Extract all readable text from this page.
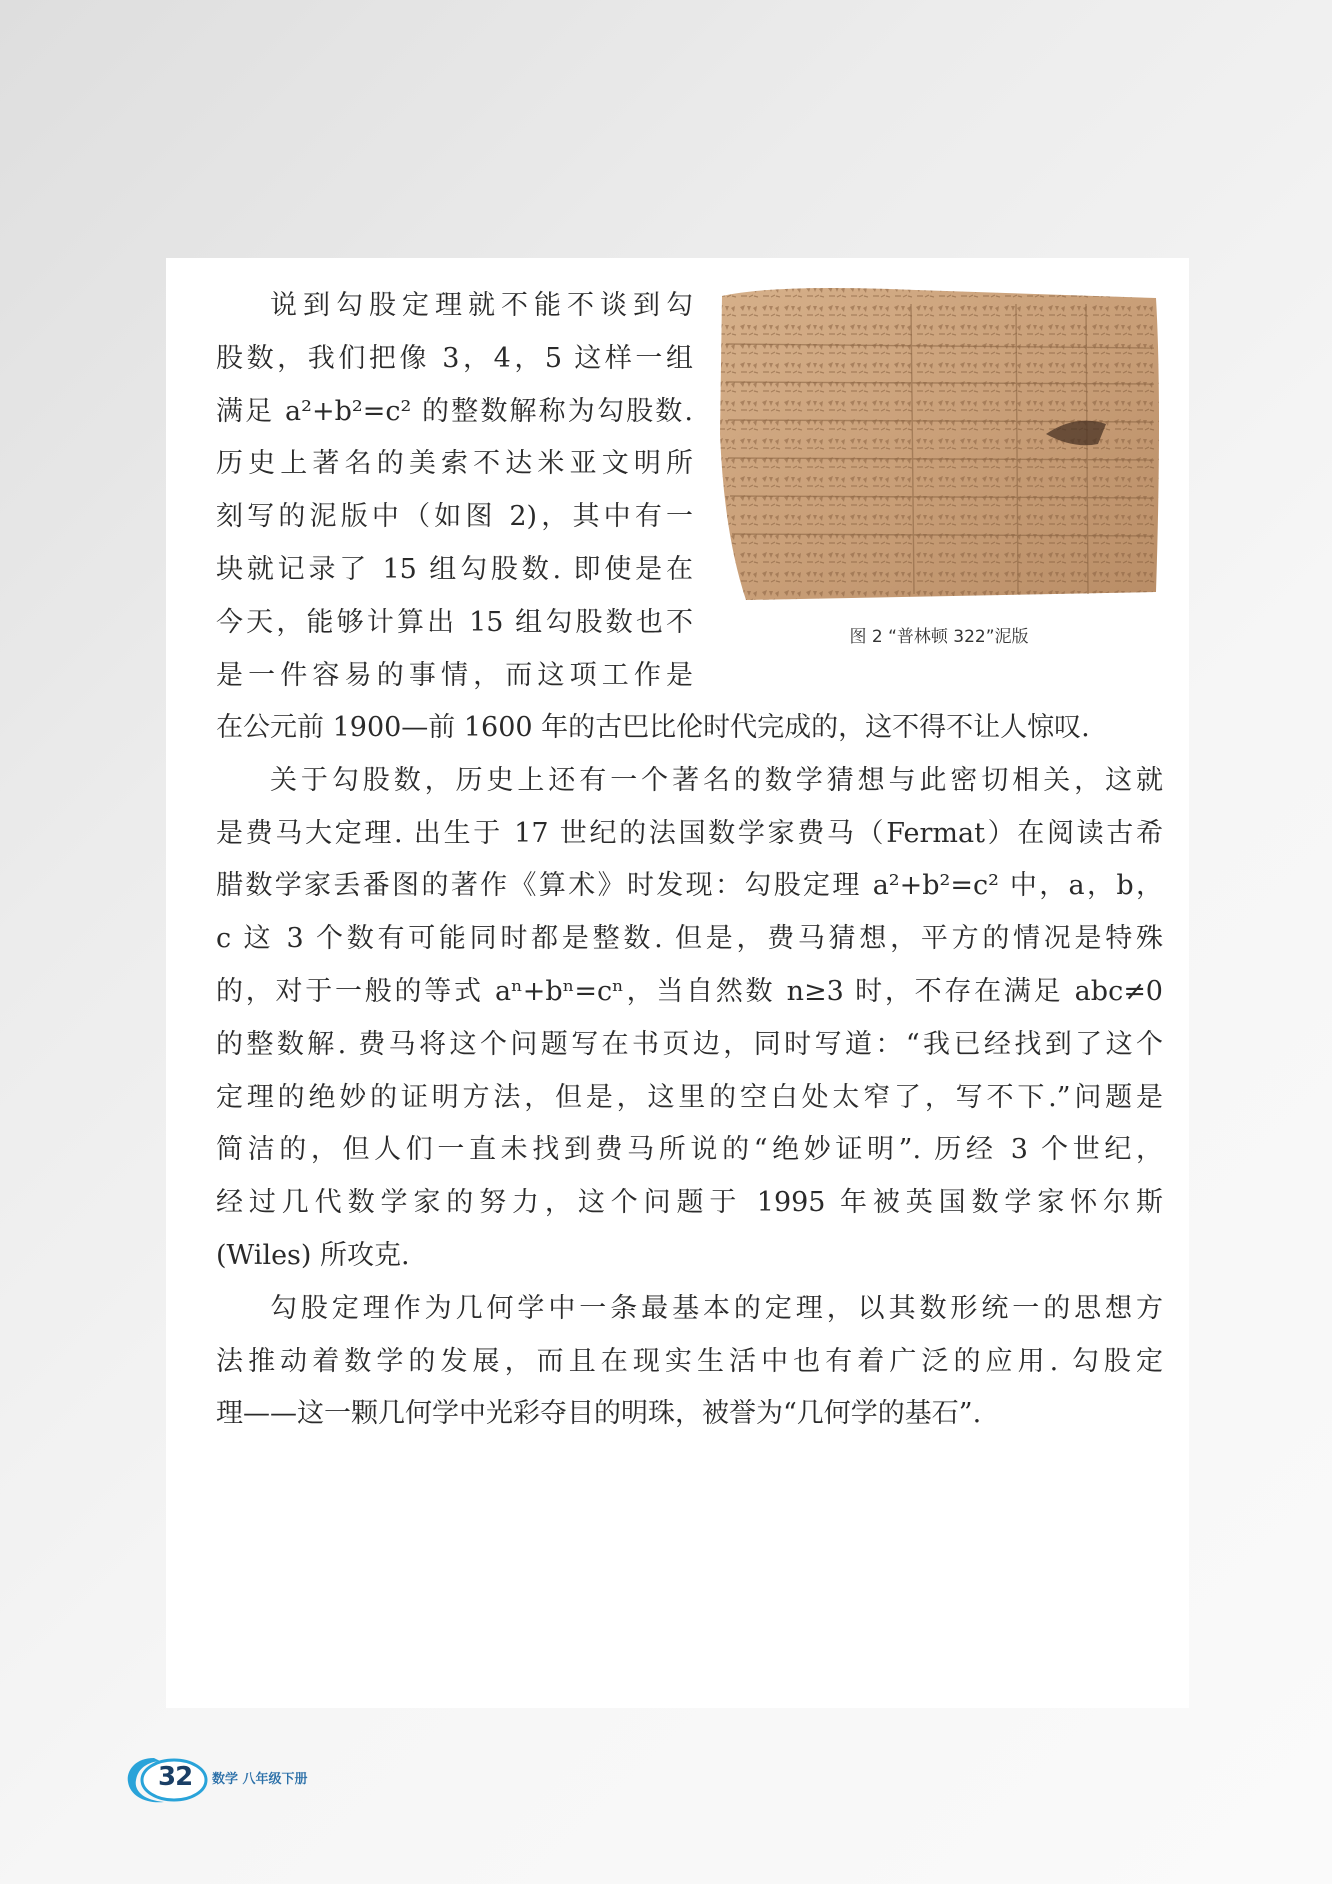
说到勾股定理就不能不谈到勾
股数，我们把像 3，4，5 这样一组
满足 a²+b²=c² 的整数解称为勾股数.
历史上著名的美索不达米亚文明所
刻写的泥版中（如图 2)，其中有一
块就记录了 15 组勾股数. 即使是在
今天，能够计算出 15 组勾股数也不
是一件容易的事情，而这项工作是
图 2 “普林顿 322”泥版
在公元前 1900—前 1600 年的古巴比伦时代完成的，这不得不让人惊叹.
关于勾股数，历史上还有一个著名的数学猜想与此密切相关，这就
是费马大定理. 出生于 17 世纪的法国数学家费马（Fermat）在阅读古希
腊数学家丢番图的著作《算术》时发现：勾股定理 a²+b²=c² 中，a，b，
c 这 3 个数有可能同时都是整数. 但是，费马猜想，平方的情况是特殊
的，对于一般的等式 aⁿ+bⁿ=cⁿ，当自然数 n≥3 时，不存在满足 abc≠0
的整数解. 费马将这个问题写在书页边，同时写道：“我已经找到了这个
定理的绝妙的证明方法，但是，这里的空白处太窄了，写不下.”问题是
简洁的，但人们一直未找到费马所说的“绝妙证明”. 历经 3 个世纪，
经过几代数学家的努力，这个问题于 1995 年被英国数学家怀尔斯
(Wiles) 所攻克.
勾股定理作为几何学中一条最基本的定理，以其数形统一的思想方
法推动着数学的发展，而且在现实生活中也有着广泛的应用. 勾股定
理——这一颗几何学中光彩夺目的明珠，被誉为“几何学的基石”.
32 数学 八年级下册
